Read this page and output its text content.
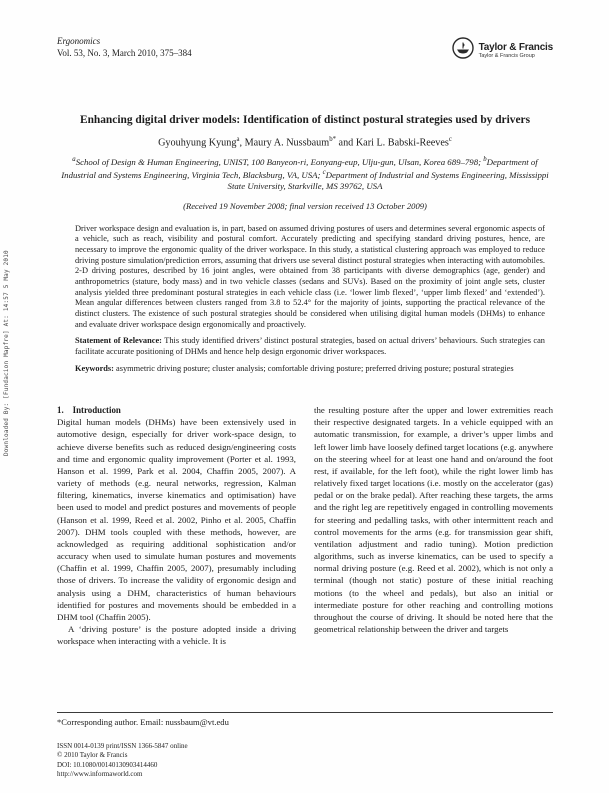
Downloaded By: [Fundacion Mapfre] At: 14:57 5 May 2010
Ergonomics
Vol. 53, No. 3, March 2010, 375–384	Taylor & Francis
Taylor & Francis Group
Enhancing digital driver models: Identification of distinct postural strategies used by drivers
Gyouhyung Kyung$^a$, Maury A. Nussbaum$^{b*}$ and Kari L. Babski-Reeves$^c$
$^a$School of Design & Human Engineering, UNIST, 100 Banyeon-ri, Eonyang-eup, Ulju-gun, Ulsan, Korea 689–798; $^b$Department of Industrial and Systems Engineering, Virginia Tech, Blacksburg, VA, USA; $^c$Department of Industrial and Systems Engineering, Mississippi State University, Starkville, MS 39762, USA
(Received 19 November 2008; final version received 13 October 2009)

Driver workspace design and evaluation is, in part, based on assumed driving postures of users and determines several ergonomic aspects of a vehicle, such as reach, visibility and postural comfort. Accurately predicting and specifying standard driving postures, hence, are necessary to improve the ergonomic quality of the driver workspace. In this study, a statistical clustering approach was employed to reduce driving posture simulation/prediction errors, assuming that drivers use several distinct postural strategies when interacting with automobiles. 2-D driving postures, described by 16 joint angles, were obtained from 38 participants with diverse demographics (age, gender) and anthropometrics (stature, body mass) and in two vehicle classes (sedans and SUVs). Based on the proximity of joint angle sets, cluster analysis yielded three predominant postural strategies in each vehicle class (i.e. ‘lower limb flexed’, ‘upper limb flexed’ and ‘extended’). Mean angular differences between clusters ranged from 3.8 to 52.4° for the majority of joints, supporting the practical relevance of the distinct clusters. The existence of such postural strategies should be considered when utilising digital human models (DHMs) to enhance and evaluate driver workspace design ergonomically and proactively.

Statement of Relevance: This study identified drivers’ distinct postural strategies, based on actual drivers’ behaviours. Such strategies can facilitate accurate positioning of DHMs and hence help design ergonomic driver workspaces.

Keywords: asymmetric driving posture; cluster analysis; comfortable driving posture; preferred driving posture; postural strategies

1. Introduction

Digital human models (DHMs) have been extensively used in automotive design, especially for driver work-space design, to achieve diverse benefits such as reduced design/engineering costs and time and ergonomic quality improvement (Porter et al. 1993, Hanson et al. 1999, Park et al. 2004, Chaffin 2005, 2007). A variety of methods (e.g. neural networks, regression, Kalman filtering, kinematics, inverse kinematics and optimisation) have been used to model and predict postures and movements of people (Hanson et al. 1999, Reed et al. 2002, Pinho et al. 2005, Chaffin 2007). DHM tools coupled with these methods, however, are acknowledged as requiring additional sophistication and/or accuracy when used to simulate human postures and movements (Chaffin et al. 1999, Chaffin 2005, 2007), presumably including those of drivers. To increase the validity of ergonomic design and analysis using a DHM, characteristics of human behaviours identified for postures and movements should be embedded in a DHM tool (Chaffin 2005).

A ‘driving posture’ is the posture adopted inside a driving workspace when interacting with a vehicle. It is

the resulting posture after the upper and lower extremities reach their respective designated targets. In a vehicle equipped with an automatic transmission, for example, a driver’s upper limbs and left lower limb have loosely defined target locations (e.g. anywhere on the steering wheel for at least one hand and on/around the foot rest, if available, for the left foot), while the right lower limb has relatively fixed target locations (i.e. mostly on the accelerator (gas) pedal or on the brake pedal). After reaching these targets, the arms and the right leg are repetitively engaged in controlling movements for steering and pedalling tasks, with other intermittent reach and control movements for the arms (e.g. for transmission gear shift, ventilation adjustment and radio tuning). Motion prediction algorithms, such as inverse kinematics, can be used to specify a normal driving posture (e.g. Reed et al. 2002), which is not only a terminal (though not static) posture of these initial reaching motions (to the wheel and pedals), but also an initial or intermediate posture for other reaching and controlling motions throughout the course of driving. It should be noted here that the geometrical relationship between the driver and targets

*Corresponding author. Email: nussbaum@vt.edu
ISSN 0014-0139 print/ISSN 1366-5847 online
© 2010 Taylor & Francis
DOI: 10.1080/00140130903414460
http://www.informaworld.com
